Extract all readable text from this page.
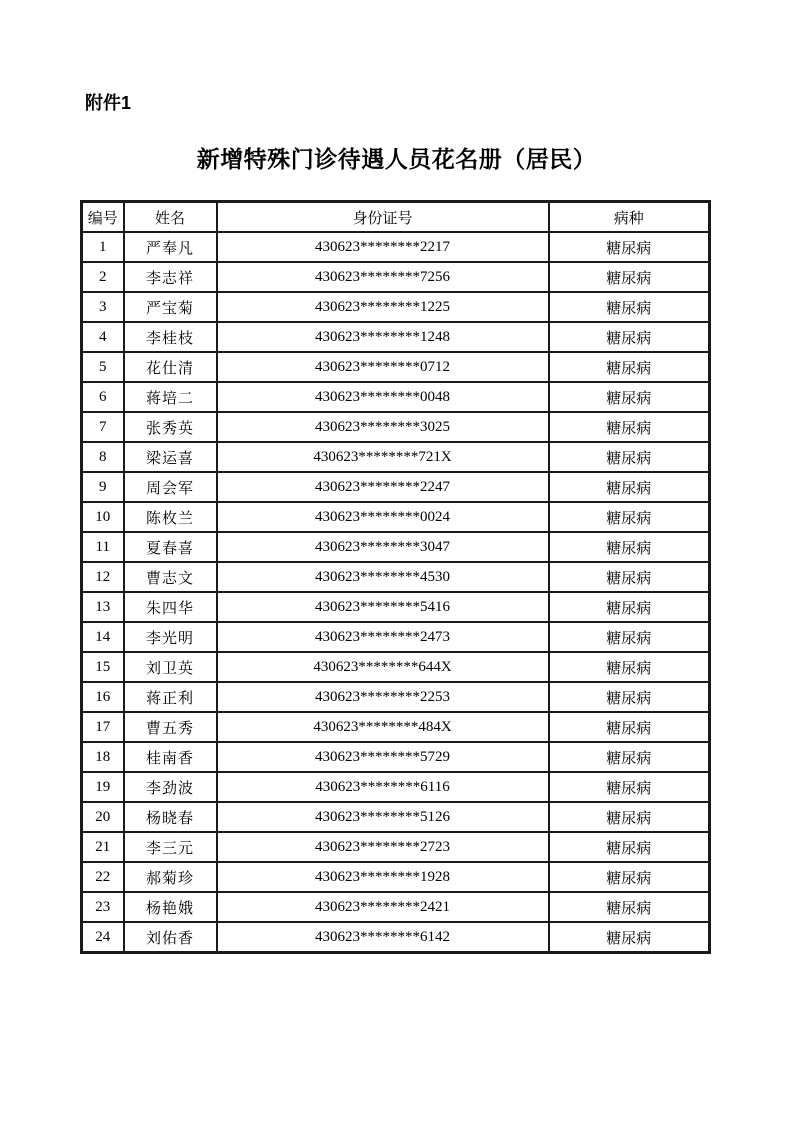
附件1
新增特殊门诊待遇人员花名册（居民）
编号	姓名	身份证号	病种
1	严奉凡	430623********2217	糖尿病
2	李志祥	430623********7256	糖尿病
3	严宝菊	430623********1225	糖尿病
4	李桂枝	430623********1248	糖尿病
5	花仕清	430623********0712	糖尿病
6	蒋培二	430623********0048	糖尿病
7	张秀英	430623********3025	糖尿病
8	梁运喜	430623********721X	糖尿病
9	周会军	430623********2247	糖尿病
10	陈枚兰	430623********0024	糖尿病
11	夏春喜	430623********3047	糖尿病
12	曹志文	430623********4530	糖尿病
13	朱四华	430623********5416	糖尿病
14	李光明	430623********2473	糖尿病
15	刘卫英	430623********644X	糖尿病
16	蒋正利	430623********2253	糖尿病
17	曹五秀	430623********484X	糖尿病
18	桂南香	430623********5729	糖尿病
19	李劲波	430623********6116	糖尿病
20	杨晓春	430623********5126	糖尿病
21	李三元	430623********2723	糖尿病
22	郝菊珍	430623********1928	糖尿病
23	杨艳娥	430623********2421	糖尿病
24	刘佑香	430623********6142	糖尿病
